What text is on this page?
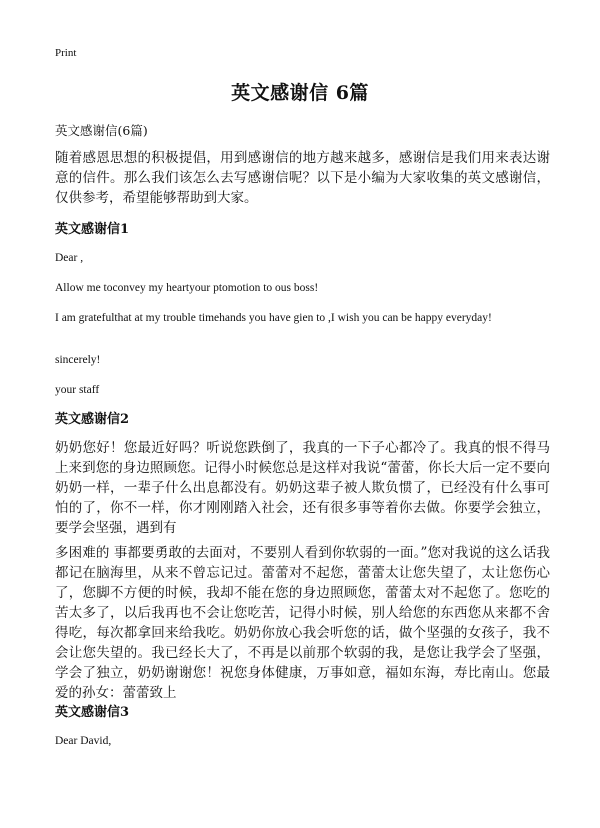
Print
英文感谢信 6篇
英文感谢信(6篇)
随着感恩思想的积极提倡，用到感谢信的地方越来越多，感谢信是我们用来表达谢意的信件。那么我们该怎么去写感谢信呢？以下是小编为大家收集的英文感谢信，仅供参考，希望能够帮助到大家。
英文感谢信1
Dear ,
Allow me toconvey my heartyour ptomotion to ous boss!
I am gratefulthat at my trouble timehands you have gien to ,I wish you can be happy everyday!
sincerely!
your staff
英文感谢信2
奶奶您好！您最近好吗？听说您跌倒了，我真的一下子心都冷了。我真的恨不得马上来到您的身边照顾您。记得小时候您总是这样对我说“蕾蕾，你长大后一定不要向奶奶一样，一辈子什么出息都没有。奶奶这辈子被人欺负惯了，已经没有什么事可怕的了，你不一样，你才刚刚踏入社会，还有很多事等着你去做。你要学会独立，要学会坚强，遇到有
多困难的 事都要勇敢的去面对，不要别人看到你软弱的一面。”您对我说的这么话我都记在脑海里，从来不曾忘记过。蕾蕾对不起您，蕾蕾太让您失望了，太让您伤心了，您脚不方便的时候，我却不能在您的身边照顾您，蕾蕾太对不起您了。您吃的苦太多了，以后我再也不会让您吃苦，记得小时候，别人给您的东西您从来都不舍得吃，每次都拿回来给我吃。奶奶你放心我会听您的话，做个坚强的女孩子，我不会让您失望的。我已经长大了，不再是以前那个软弱的我，是您让我学会了坚强，学会了独立，奶奶谢谢您！祝您身体健康，万事如意，福如东海，寿比南山。您最爱的孙女：蕾蕾致上
英文感谢信3
Dear David,
